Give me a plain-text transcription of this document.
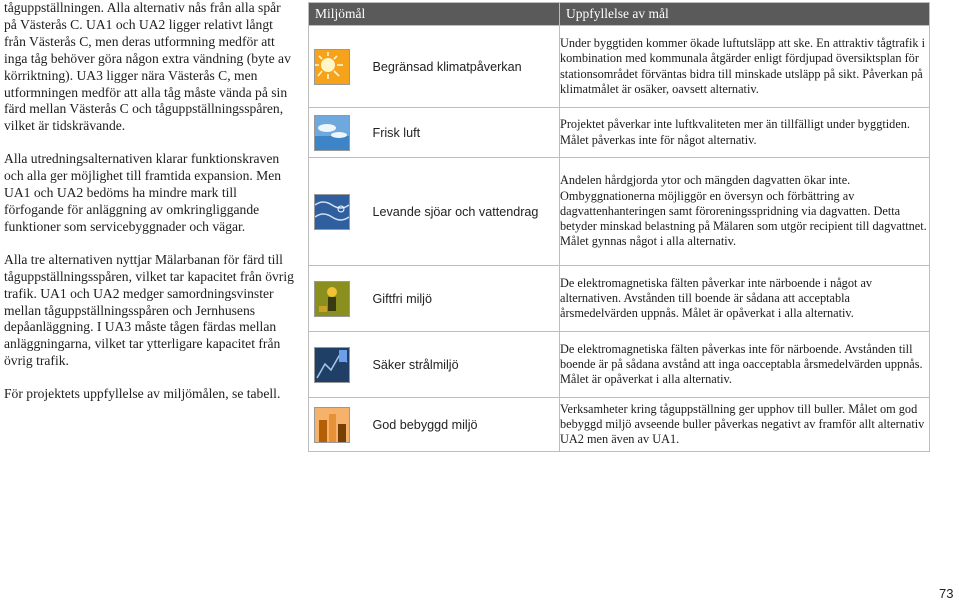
tåguppställningen. Alla alternativ nås från alla spår på Västerås C. UA1 och UA2 ligger relativt långt från Västerås C, men deras utformning medför att inga tåg behöver göra någon extra vändning (byte av körriktning). UA3 ligger nära Västerås C, men utformningen medför att alla tåg måste vända på sin färd mellan Västerås C och tåguppställningsspåren, vilket är tidskrävande.

Alla utredningsalternativen klarar funktionskraven och alla ger möjlighet till framtida expansion. Men UA1 och UA2 bedöms ha mindre mark till förfogande för anläggning av omkringliggande funktioner som servicebyggnader och vägar.

Alla tre alternativen nyttjar Mälarbanan för färd till tåguppställningsspåren, vilket tar kapacitet från övrig trafik. UA1 och UA2 medger samordningsvinster mellan tåguppställningsspåren och Jernhusens depåanläggning. I UA3 måste tågen färdas mellan anläggningarna, vilket tar ytterligare kapacitet från övrig trafik.

För projektets uppfyllelse av miljömålen, se tabell.

Miljömål		Uppfyllelse av mål

	Begränsad klimatpåverkan	Under byggtiden kommer ökade luftutsläpp att ske. En attraktiv tågtrafik i kombination med kommunala åtgärder enligt fördjupad översiktsplan för stationsområdet förväntas bidra till minskade utsläpp på sikt. Påverkan på klimatmålet är osäker, oavsett alternativ.

	Frisk luft	Projektet påverkar inte luftkvaliteten mer än tillfälligt under byggtiden. Målet påverkas inte för något alternativ.

	Levande sjöar och vattendrag	Andelen hårdgjorda ytor och mängden dagvatten ökar inte. Ombyggnationerna möjliggör en översyn och förbättring av dagvattenhanteringen samt föroreningsspridning via dagvatten. Detta betyder minskad belastning på Mälaren som utgör recipient till dagvattnet. Målet gynnas något i alla alternativ.

	Giftfri miljö	De elektromagnetiska fälten påverkar inte närboende i något av alternativen. Avstånden till boende är sådana att acceptabla årsmedelvärden uppnås. Målet är opåverkat i alla alternativ.

	Säker strålmiljö	De elektromagnetiska fälten påverkas inte för närboende. Avstånden till boende är på sådana avstånd att inga oacceptabla årsmedelvärden uppnås. Målet är opåverkat i alla alternativ.

	God bebyggd miljö	Verksamheter kring tåguppställning ger upphov till buller. Målet om god bebyggd miljö avseende buller påverkas negativt av framför allt alternativ UA2 men även av UA1.
73
